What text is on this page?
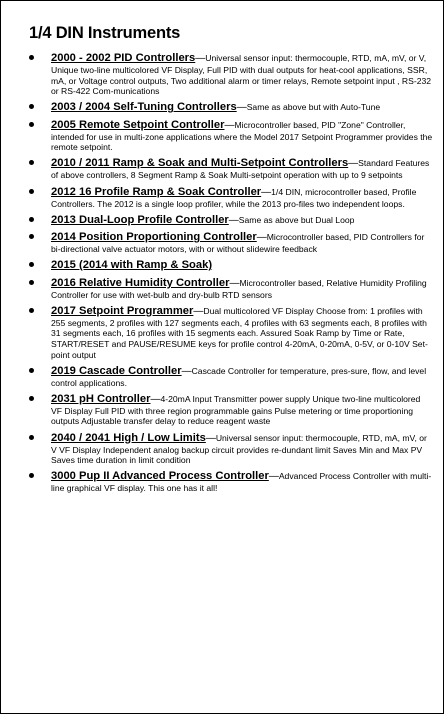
1/4 DIN Instruments
2000 - 2002 PID Controllers—Universal sensor input: thermocouple, RTD, mA, mV, or V, Unique two-line multicolored VF Display, Full PID with dual outputs for heat-cool applications, SSR, mA, or Voltage control outputs, Two additional alarm or timer relays, Remote setpoint input , RS-232 or RS-422 Com-munications
2003 / 2004 Self-Tuning Controllers—Same as above but with Auto-Tune
2005 Remote Setpoint Controller—Microcontroller based, PID "Zone" Controller, intended for use in multi-zone applications where the Model 2017 Setpoint Programmer provides the remote setpoint.
2010 / 2011 Ramp & Soak and Multi-Setpoint Controllers—Standard Features of above controllers, 8 Segment Ramp & Soak Multi-setpoint operation with up to 9 setpoints
2012 16 Profile Ramp & Soak Controller—1/4 DIN, microcontroller based, Profile Controllers. The 2012 is a single loop profiler, while the 2013 pro-files two independent loops.
2013 Dual-Loop Profile Controller—Same as above but Dual Loop
2014 Position Proportioning Controller—Microcontroller based, PID Controllers for bi-directional valve actuator motors, with or without slidewire feedback
2015 (2014 with Ramp & Soak)
2016 Relative Humidity Controller—Microcontroller based, Relative Humidity Profiling Controller for use with wet-bulb and dry-bulb RTD sensors
2017 Setpoint Programmer—Dual multicolored VF Display Choose from: 1 profiles with 255 segments, 2 profiles with 127 segments each, 4 profiles with 63 segments each, 8 profiles with 31 segments each, 16 profiles with 15 segments each. Assured Soak Ramp by Time or Rate, START/RESET and PAUSE/RESUME keys for profile control 4-20mA, 0-20mA, 0-5V, or 0-10V Set-point output
2019 Cascade Controller—Cascade Controller for temperature, pres-sure, flow, and level control applications.
2031 pH Controller—4-20mA Input Transmitter power supply Unique two-line multicolored VF Display Full PID with three region programmable gains Pulse metering or time proportioning outputs Adjustable transfer delay to reduce reagent waste
2040 / 2041 High / Low Limits—Universal sensor input: thermocouple, RTD, mA, mV, or V VF Display Independent analog backup circuit provides re-dundant limit Saves Min and Max PV Saves time duration in limit condition
3000 Pup II Advanced Process Controller—Advanced Process Controller with multi-line graphical VF display. This one has it all!
